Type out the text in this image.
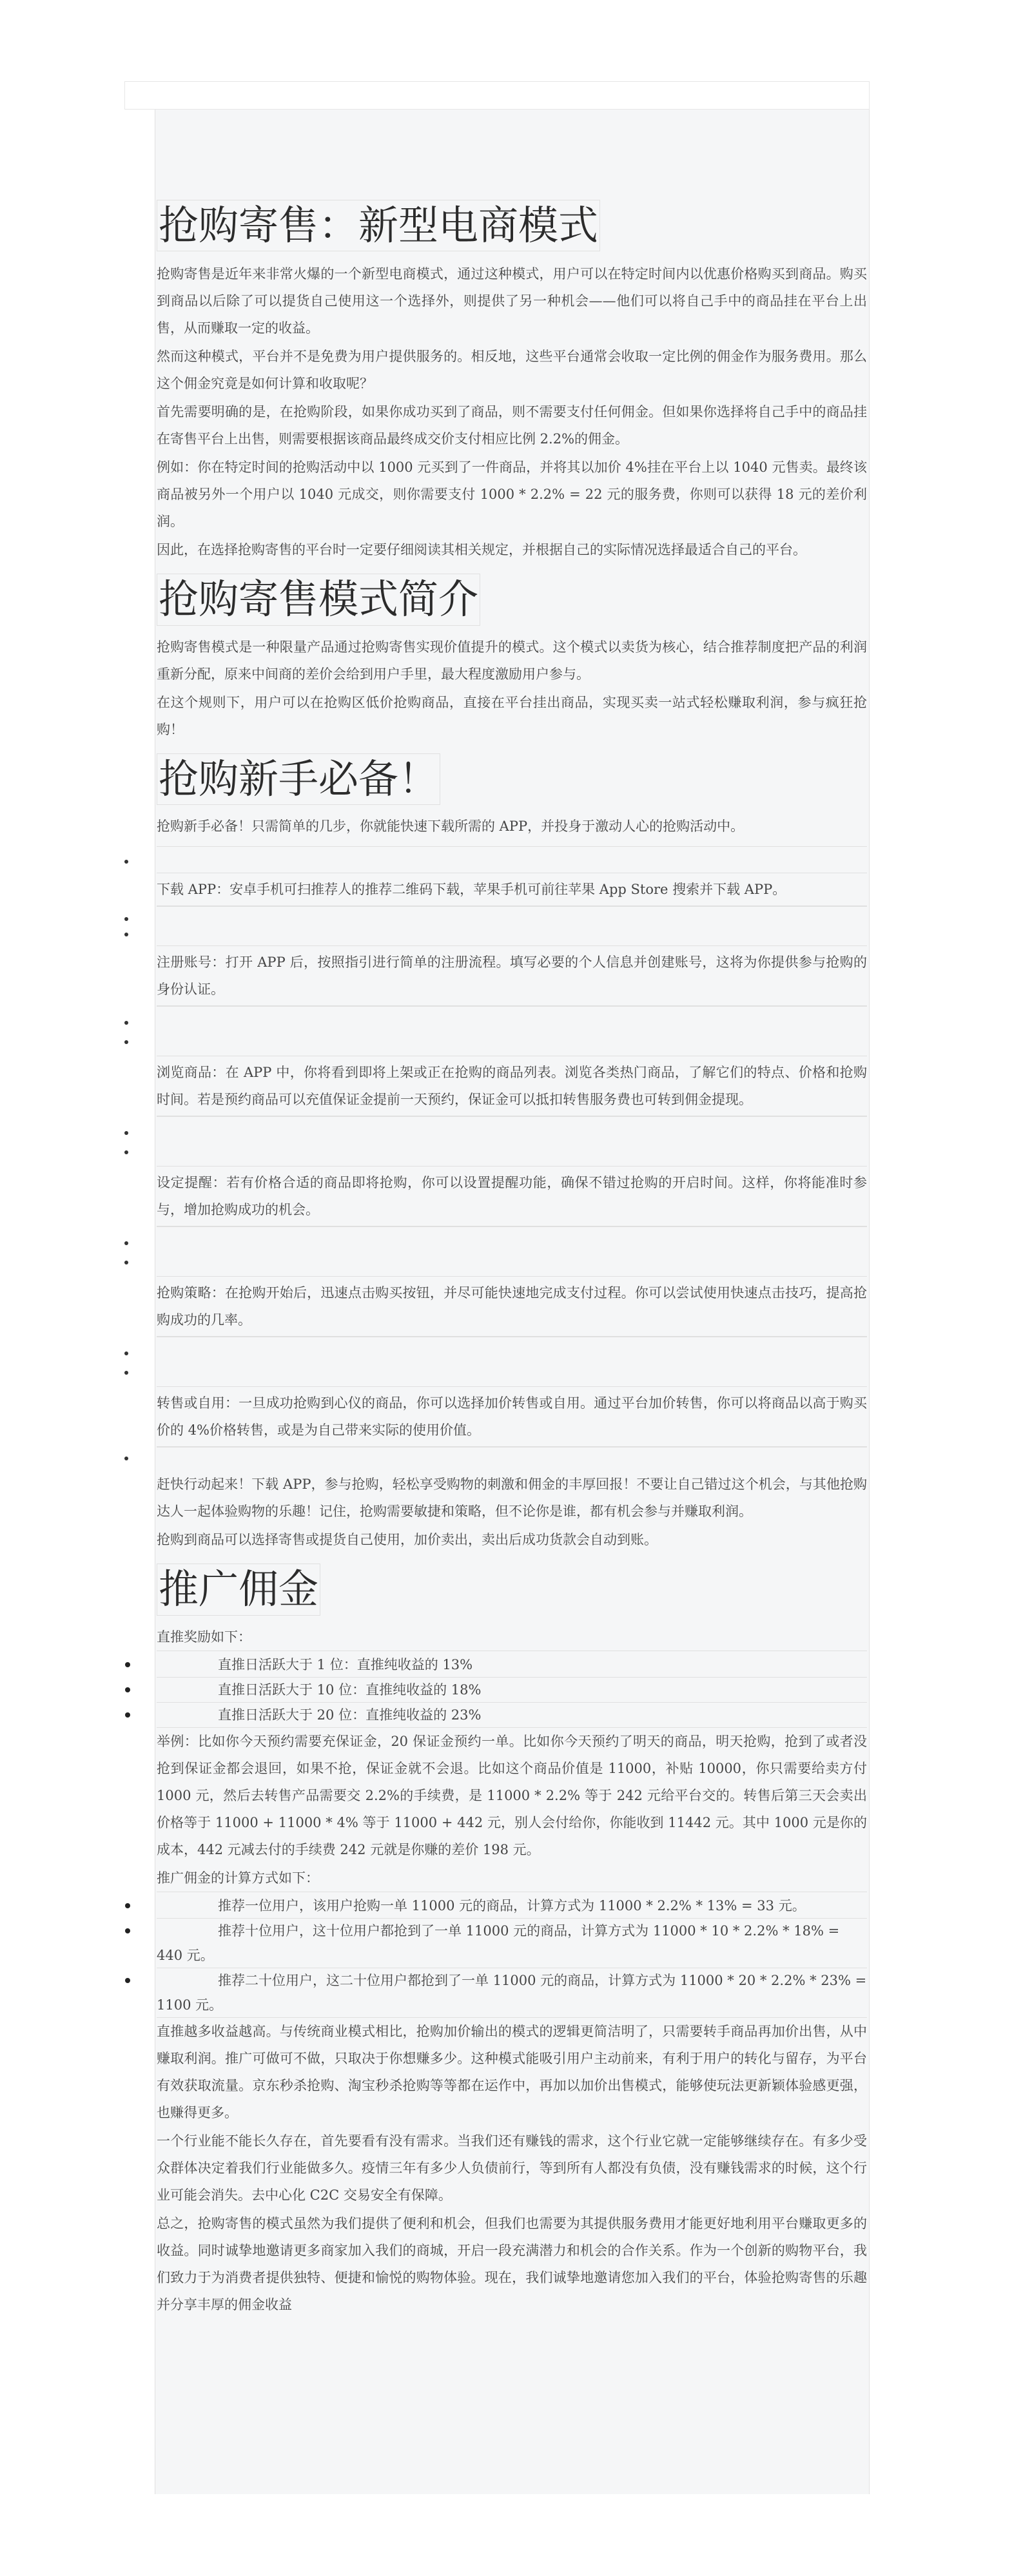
抢购寄售：新型电商模式

抢购寄售是近年来非常火爆的一个新型电商模式，通过这种模式，用户可以在特定时间内以优惠价格购买到商品。购买到商品以后除了可以提货自己使用这一个选择外，则提供了另一种机会——他们可以将自己手中的商品挂在平台上出售，从而赚取一定的收益。

然而这种模式，平台并不是免费为用户提供服务的。相反地，这些平台通常会收取一定比例的佣金作为服务费用。那么这个佣金究竟是如何计算和收取呢？

首先需要明确的是，在抢购阶段，如果你成功买到了商品，则不需要支付任何佣金。但如果你选择将自己手中的商品挂在寄售平台上出售，则需要根据该商品最终成交价支付相应比例 2.2%的佣金。

例如：你在特定时间的抢购活动中以 1000 元买到了一件商品，并将其以加价 4%挂在平台上以 1040 元售卖。最终该商品被另外一个用户以 1040 元成交，则你需要支付 1000 * 2.2% = 22 元的服务费，你则可以获得 18 元的差价利润。

因此，在选择抢购寄售的平台时一定要仔细阅读其相关规定，并根据自己的实际情况选择最适合自己的平台。

抢购寄售模式简介

抢购寄售模式是一种限量产品通过抢购寄售实现价值提升的模式。这个模式以卖货为核心，结合推荐制度把产品的利润重新分配，原来中间商的差价会给到用户手里，最大程度激励用户参与。

在这个规则下，用户可以在抢购区低价抢购商品，直接在平台挂出商品，实现买卖一站式轻松赚取利润，参与疯狂抢购！

抢购新手必备！

抢购新手必备！只需简单的几步，你就能快速下载所需的 APP，并投身于激动人心的抢购活动中。

下载 APP：安卓手机可扫推荐人的推荐二维码下载，苹果手机可前往苹果 App Store 搜索并下载 APP。

注册账号：打开 APP 后，按照指引进行简单的注册流程。填写必要的个人信息并创建账号，这将为你提供参与抢购的身份认证。

浏览商品：在 APP 中，你将看到即将上架或正在抢购的商品列表。浏览各类热门商品，了解它们的特点、价格和抢购时间。若是预约商品可以充值保证金提前一天预约，保证金可以抵扣转售服务费也可转到佣金提现。

设定提醒：若有价格合适的商品即将抢购，你可以设置提醒功能，确保不错过抢购的开启时间。这样，你将能准时参与，增加抢购成功的机会。

抢购策略：在抢购开始后，迅速点击购买按钮，并尽可能快速地完成支付过程。你可以尝试使用快速点击技巧，提高抢购成功的几率。

转售或自用：一旦成功抢购到心仪的商品，你可以选择加价转售或自用。通过平台加价转售，你可以将商品以高于购买价的 4%价格转售，或是为自己带来实际的使用价值。

赶快行动起来！下载 APP，参与抢购，轻松享受购物的刺激和佣金的丰厚回报！不要让自己错过这个机会，与其他抢购达人一起体验购物的乐趣！记住，抢购需要敏捷和策略，但不论你是谁，都有机会参与并赚取利润。

抢购到商品可以选择寄售或提货自己使用，加价卖出，卖出后成功货款会自动到账。

推广佣金

直推奖励如下：

直推日活跃大于 1 位：直推纯收益的 13%
直推日活跃大于 10 位：直推纯收益的 18%
直推日活跃大于 20 位：直推纯收益的 23%

举例：比如你今天预约需要充保证金，20 保证金预约一单。比如你今天预约了明天的商品，明天抢购，抢到了或者没抢到保证金都会退回，如果不抢，保证金就不会退。比如这个商品价值是 11000，补贴 10000，你只需要给卖方付 1000 元，然后去转售产品需要交 2.2%的手续费，是 11000 * 2.2% 等于 242 元给平台交的。转售后第三天会卖出价格等于 11000 + 11000 * 4% 等于 11000 + 442 元，别人会付给你，你能收到 11442 元。其中 1000 元是你的成本，442 元减去付的手续费 242 元就是你赚的差价 198 元。

推广佣金的计算方式如下：

推荐一位用户，该用户抢购一单 11000 元的商品，计算方式为 11000 * 2.2% * 13% = 33 元。
推荐十位用户，这十位用户都抢到了一单 11000 元的商品，计算方式为 11000 * 10 * 2.2% * 18% = 440 元。
推荐二十位用户，这二十位用户都抢到了一单 11000 元的商品，计算方式为 11000 * 20 * 2.2% * 23% = 1100 元。

直推越多收益越高。与传统商业模式相比，抢购加价输出的模式的逻辑更简洁明了，只需要转手商品再加价出售，从中赚取利润。推广可做可不做，只取决于你想赚多少。这种模式能吸引用户主动前来，有利于用户的转化与留存，为平台有效获取流量。京东秒杀抢购、淘宝秒杀抢购等等都在运作中，再加以加价出售模式，能够使玩法更新颖体验感更强，也赚得更多。

一个行业能不能长久存在，首先要看有没有需求。当我们还有赚钱的需求，这个行业它就一定能够继续存在。有多少受众群体决定着我们行业能做多久。疫情三年有多少人负债前行，等到所有人都没有负债，没有赚钱需求的时候，这个行业可能会消失。去中心化 C2C 交易安全有保障。

总之，抢购寄售的模式虽然为我们提供了便利和机会，但我们也需要为其提供服务费用才能更好地利用平台赚取更多的收益。同时诚挚地邀请更多商家加入我们的商城，开启一段充满潜力和机会的合作关系。作为一个创新的购物平台，我们致力于为消费者提供独特、便捷和愉悦的购物体验。现在，我们诚挚地邀请您加入我们的平台，体验抢购寄售的乐趣并分享丰厚的佣金收益
